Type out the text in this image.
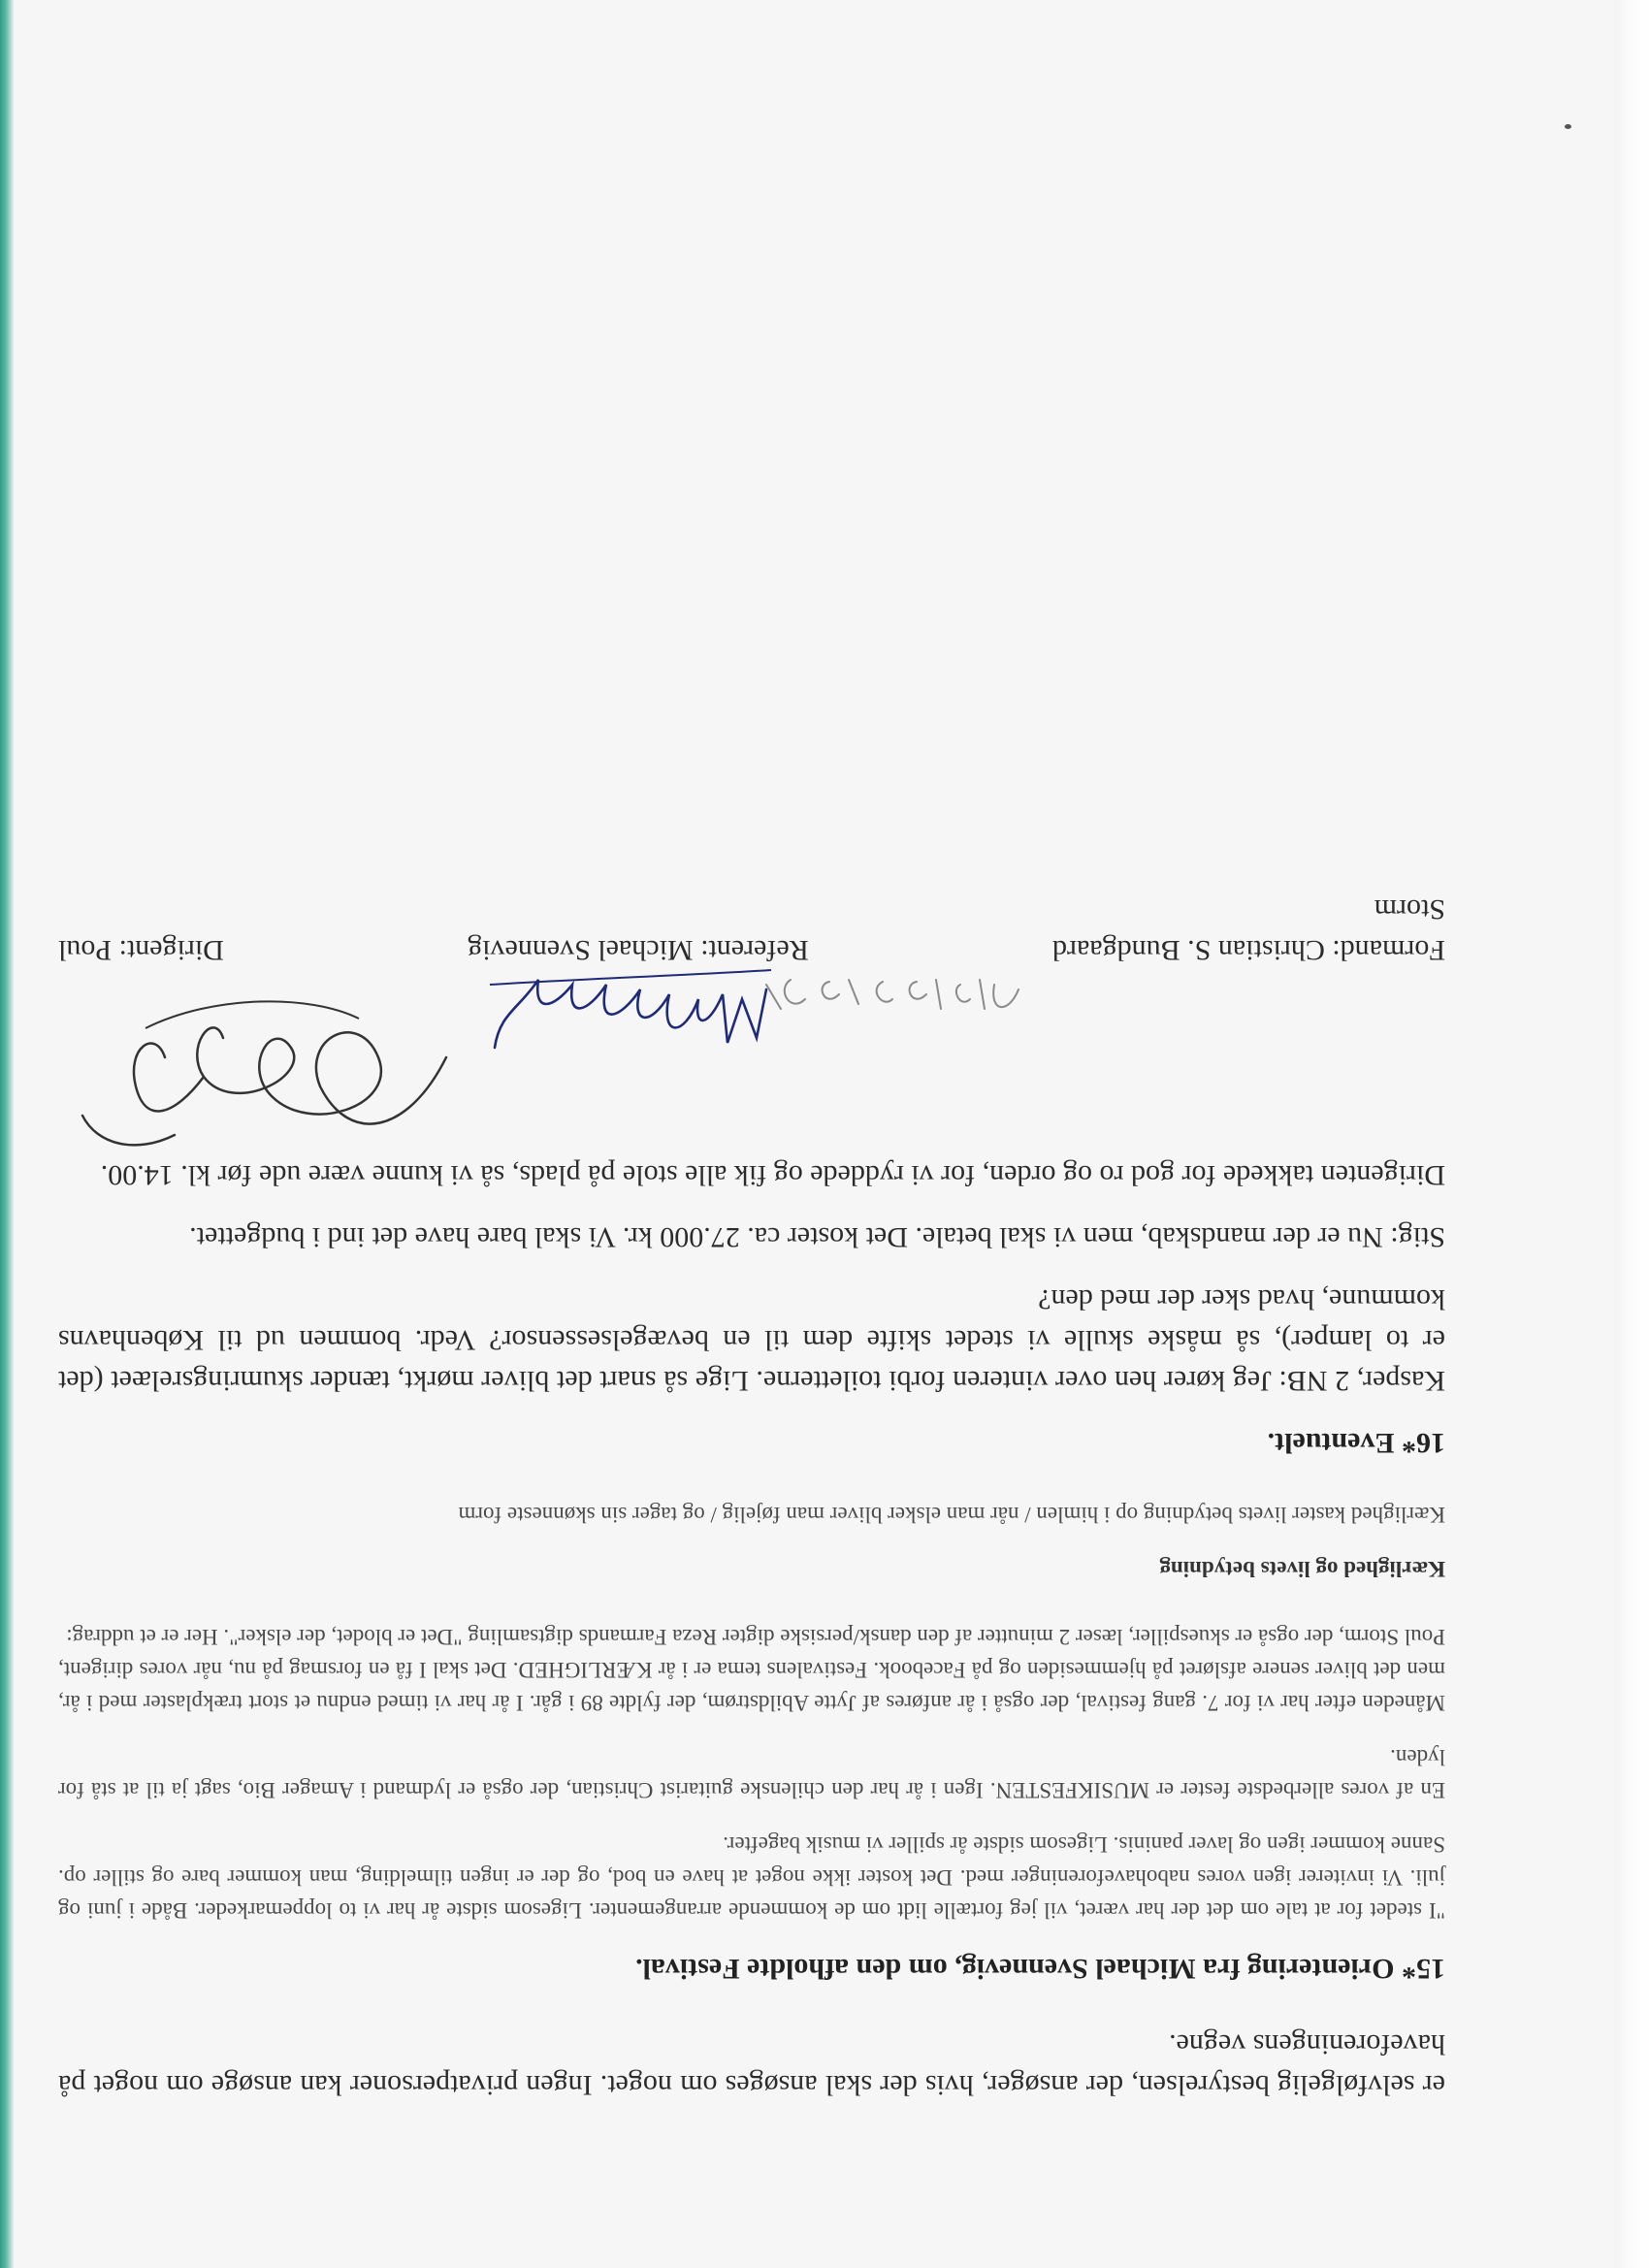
er selvfølgelig bestyrelsen, der ansøger, hvis der skal ansøges om noget. Ingen privatpersoner kan ansøge om noget på haveforeningens vegne.

15* Orientering fra Michael Svennevig, om den afholdte Festival.

"I stedet for at tale om det der har været, vil jeg fortælle lidt om de kommende arrangementer. Ligesom sidste år har vi to loppemarkeder. Både i juni og juli. Vi inviterer igen vores nabohaveforeninger med. Det koster ikke noget at have en bod, og der er ingen tilmelding, man kommer bare og stiller op. Sanne kommer igen og laver paninis. Ligesom sidste år spiller vi musik bagefter.

En af vores allerbedste fester er MUSIKFESTEN. Igen i år har den chilenske guitarist Christian, der også er lydmand i Amager Bio, sagt ja til at stå for lyden.

Måneden efter har vi for 7. gang festival, der også i år anføres af Jytte Abildstrøm, der fyldte 89 i går. I år har vi timed endnu et stort trækplaster med i år, men det bliver senere afsløret på hjemmesiden og på Facebook. Festivalens tema er i år KÆRLIGHED. Det skal I få en forsmag på nu, når vores dirigent, Poul Storm, der også er skuespiller, læser 2 minutter af den dansk/persiske digter Reza Farmands digtsamling "Det er blodet, der elsker". Her er et uddrag:

Kærlighed og livets betydning

Kærlighed kaster livets betydning op i himlen / når man elsker bliver man føjelig / og tager sin skønneste form

16* Eventuelt.

Kasper, 2 NB: Jeg kører hen over vinteren forbi toiletterne. Lige så snart det bliver mørkt, tænder skumringsrelæet (det er to lamper), så måske skulle vi stedet skifte dem til en bevægelsessensor? Vedr. bommen ud til Københavns kommune, hvad sker der med den?

Stig: Nu er der mandskab, men vi skal betale. Det koster ca. 27.000 kr. Vi skal bare have det ind i budgettet.

Dirigenten takkede for god ro og orden, for vi ryddede og fik alle stole på plads, så vi kunne være ude før kl. 14.00.

Formand: Christian S. Bundgaard
Referent: Michael Svennevig
Dirigent: Poul
Storm
